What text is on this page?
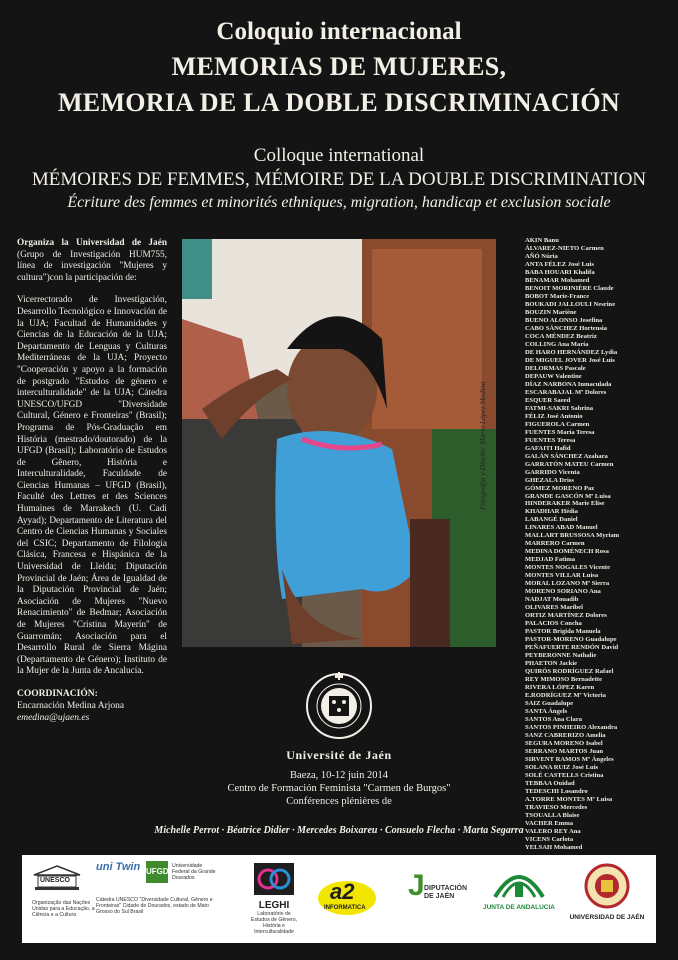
Coloquio internacional
MEMORIAS DE MUJERES,
MEMORIA DE LA DOBLE DISCRIMINACIÓN
Colloque international
MÉMOIRES DE FEMMES, MÉMOIRE DE LA DOUBLE DISCRIMINATION
Écriture des femmes et minorités ethniques, migration, handicap et exclusion sociale

Organiza la Universidad de Jaén (Grupo de Investigación HUM755, línea de investigación "Mujeres y cultura")con la participación de:

Vicerrectorado de Investigación, Desarrollo Tecnológico e Innovación de la UJA; Facultad de Humanidades y Ciencias de la Educación de la UJA; Departamento de Lenguas y Culturas Mediterráneas de la UJA; Proyecto "Cooperación y apoyo a la formación de postgrado "Estudos de género e interculturalidade" de la UJA; Cátedra UNESCO/UFGD "Diversidade Cultural, Género e Fronteiras" (Brasil); Programa de Pós-Graduação em História (mestrado/doutorado) de la UFGD (Brasil); Laboratório de Estudos de Gênero, História e Interculturalidade, Faculdade de Ciencias Humanas – UFGD (Brasil), Faculté des Lettres et des Sciences Humaines de Marrakech (U. Cadi Ayyad); Departamento de Literatura del Centro de Ciencias Humanas y Sociales del CSIC; Departamento de Filología Clásica, Francesa e Hispánica de la Universidad de Lleida; Diputación Provincial de Jaén; Área de Igualdad de la Diputación Provincial de Jaén; Asociación de Mujeres "Nuevo Renacimiento" de Bedmar; Asociación de Mujeres "Cristina Mayerín" de Guarromán; Asociación para el Desarrollo Rural de Sierra Mágina (Departamento de Género); Instituto de la Mujer de la Junta de Ancalucía.

COORDINACIÓN:
Encarnación Medina Arjona
emedina@ujaen.es
Fotografía y Diseño: Mario López Medina
AKIN Banu
ÁLVAREZ-NIETO Carmen
AÑÓ Núria
ANTA FÉLEZ José Luis
BABA HOUARI Khalifa
BENAMAR Mohamed
BENOIT MORINIÈRE Claude
BOBOT Marie-France
BOUKADI JALLOULI Nesrine
BOUZIN Mariène
BUENO ALONSO Josefina
CABO SÁNCHEZ Hortensia
COCA MÉNDEZ Beatriz
COLLING Ana María
DE HARO HERNÁNDEZ Lydia
DE MIGUEL JOVER José Luis
DELORMAS Pascale
DEPAUW Valentine
DÍAZ NARBONA Inmaculada
ESCARABAJAL Mª Dolores
ESQUER Saeed
FATMI-SAKRI Sabrina
FÉLIZ José Antonio
FIGUEROLA Carmen
FUENTES María Teresa
FUENTES Teresa
GAFAITI Hafid
GALÁN SÁNCHEZ Azahara
GARRATÓN MATEU Carmen
GARRIDO Vicenta
GHEZALA Driss
GÓMEZ MORENO Paz
GRANDE GASCÓN Mª Luisa
HINDERAKER Marie Elise
KHADHAR Hédia
LABANGÉ Daniel
LINARES ABAD Manuel
MALLART BRUSSOSA Myriam
MARRERO Carmen
MEDINA DOMÉNECH Rosa
MEDJAD Fatima
MONTES NOGALES Vicente
MONTES VILLAR Luisa
MORAL LOZANO Mª Sierra
MORENO SORIANO Ana
NADJAT Mouadib
OLIVARES Maribel
ORTIZ MARTÍNEZ Dolores
PALACIOS Concha
PASTOR Brigida Manuela
PASTOR-MORENO Guadalupe
PEÑAFUERTE RENDÓN David
PEYBERONNE Nathalie
PHAETON Jackie
QUIRÓS RODRÍGUEZ Rafael
REY MIMOSO Bernadette
RIVERA LÓPEZ Karen
E.RODRÍGUEZ Mª Victoria
SAIZ Guadalupe
SANTA Ángels
SANTOS Ana Clara
SANTOS PINHEIRO Alexandra
SANZ CABRERIZO Amelia
SEGURA MORENO Isabel
SERRANO MARTOS Juan
SIRVENT RAMOS Mª Ángeles
SOLANA RUIZ José Luis
SOLÉ CASTELLS Cristina
TEBBAA Ouidad
TEDESCHI Losandro
A.TORRE MONTES Mª Luisa
TRAVIESO Mercedes
TSOUALLA Blaise
VACHER Emma
VALERO REY Ana
VICENS Carlota
YELSAH Mohamed
Université de Jaén
Baeza, 10-12 juin 2014
Centro de Formación Feminista "Carmen de Burgos"
Conférences plénières de
Michelle Perrot · Béatrice Didier · Mercedes Boixareu · Consuelo Flecha · Marta Segarra
UNESCO
Organização das Nações Unidas para a Educação, a Ciência e a Cultura
uni Twin UFGD
Universidade Federal da Grande Dourados
Cátedra UNESCO "Diversidade Cultural, Gênero e Fronteiras" Cidade de Dourados, estado de Mato Grosso do Sul Brasil
LEGHI
Laboratório de Estudos de Gênero, História e Interculturalidade
a2
INFORMATICA
J DIPUTACIÓN DE JAÉN
JUNTA DE ANDALUCIA
UNIVERSIDAD DE JAÉN
